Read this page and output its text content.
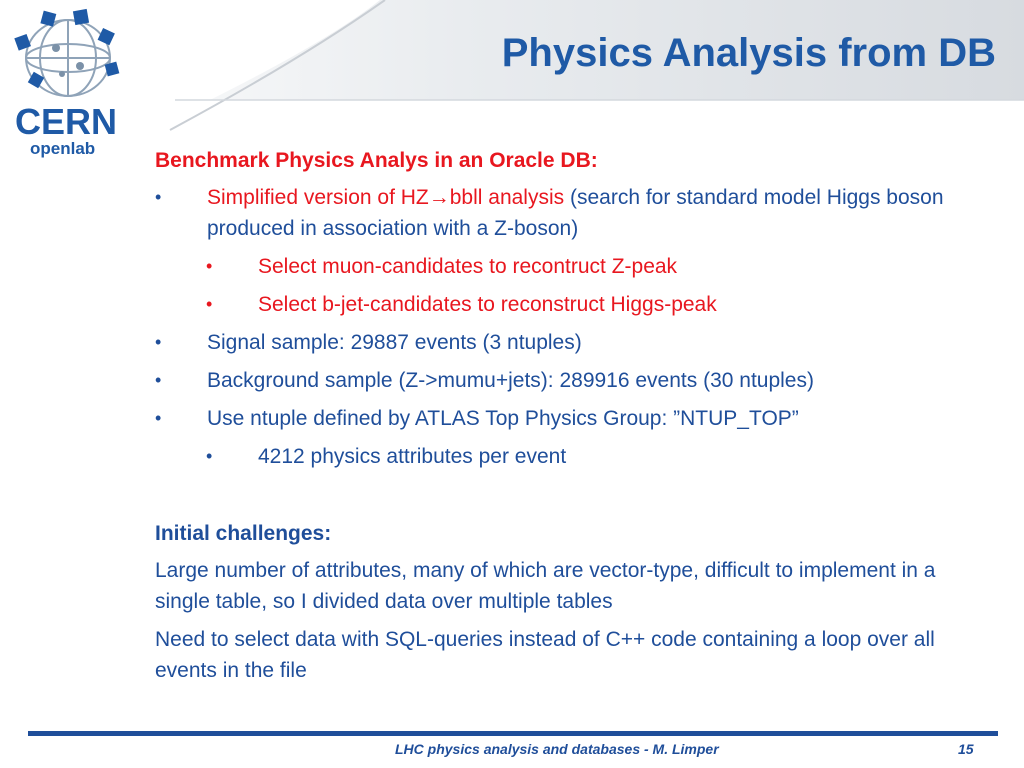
CERN
openlab
Physics Analysis from DB
Benchmark Physics Analys in an Oracle DB:
• Simplified version of HZ→bbll analysis (search for standard model Higgs boson produced in association with a Z-boson)
• Select muon-candidates to recontruct Z-peak
• Select b-jet-candidates to reconstruct Higgs-peak
• Signal sample: 29887 events (3 ntuples)
• Background sample (Z->mumu+jets): 289916 events (30 ntuples)
• Use ntuple defined by ATLAS Top Physics Group: ”NTUP_TOP”
• 4212 physics attributes per event
Initial challenges:
Large number of attributes, many of which are vector-type, difficult to implement in a single table, so I divided data over multiple tables
Need to select data with SQL-queries instead of C++ code containing a loop over all events in the file
LHC physics analysis and databases - M. Limper	15
